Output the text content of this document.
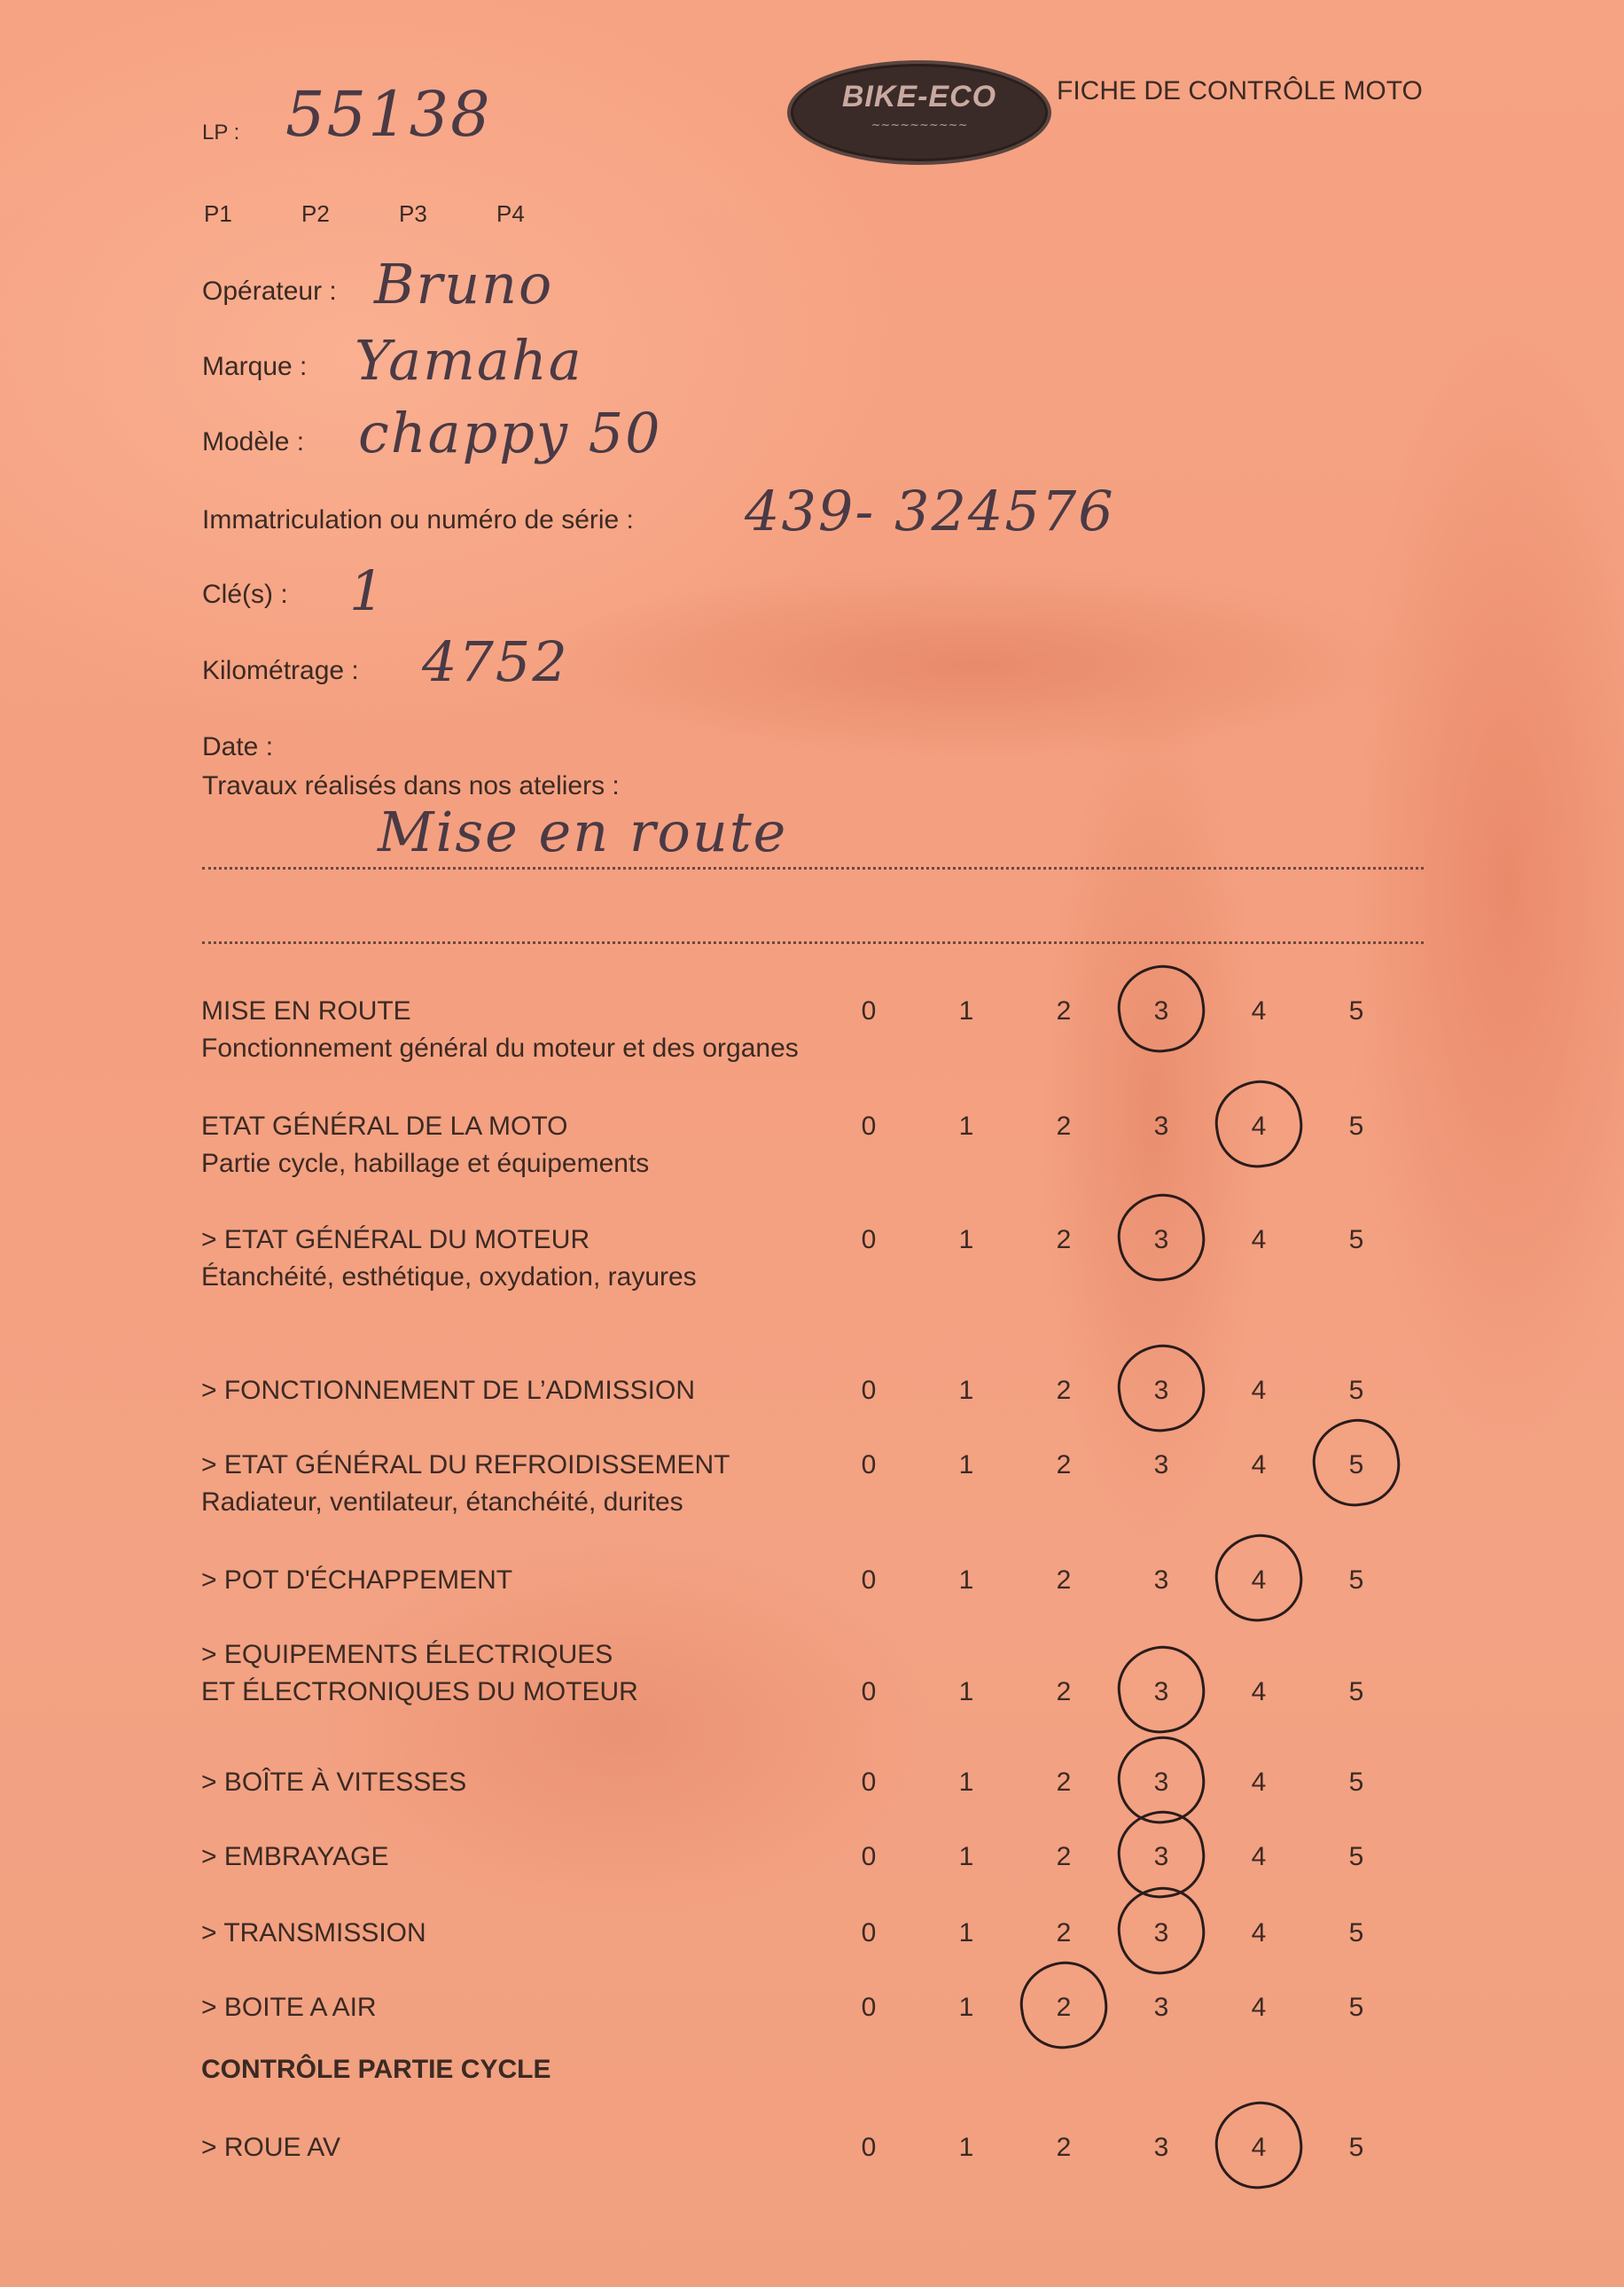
BIKE-ECO
~~~~~~~~~~
FICHE DE CONTRÔLE MOTO
LP : 55138
P1	P2	P3	P4
Opérateur : Bruno
Marque : Yamaha
Modèle : chappy 50
Immatriculation ou numéro de série : 439- 324576
Clé(s) : 1
Kilométrage : 4752
Date :
Travaux réalisés dans nos ateliers :
Mise en route
MISE EN ROUTE
Fonctionnement général du moteur et des organes
0	1	2	3	4	5
ETAT GÉNÉRAL DE LA MOTO
Partie cycle, habillage et équipements
0	1	2	3	4	5
> ETAT GÉNÉRAL DU MOTEUR
Étanchéité, esthétique, oxydation, rayures
0	1	2	3	4	5
> FONCTIONNEMENT DE L’ADMISSION	0	1	2	3	4	5
> ETAT GÉNÉRAL DU REFROIDISSEMENT
Radiateur, ventilateur, étanchéité, durites
0	1	2	3	4	5
> POT D'ÉCHAPPEMENT	0	1	2	3	4	5
> EQUIPEMENTS ÉLECTRIQUES
ET ÉLECTRONIQUES DU MOTEUR	0	1	2	3	4	5
> BOÎTE À VITESSES	0	1	2	3	4	5
> EMBRAYAGE	0	1	2	3	4	5
> TRANSMISSION	0	1	2	3	4	5
> BOITE A AIR	0	1	2	3	4	5
CONTRÔLE PARTIE CYCLE
> ROUE AV	0	1	2	3	4	5
